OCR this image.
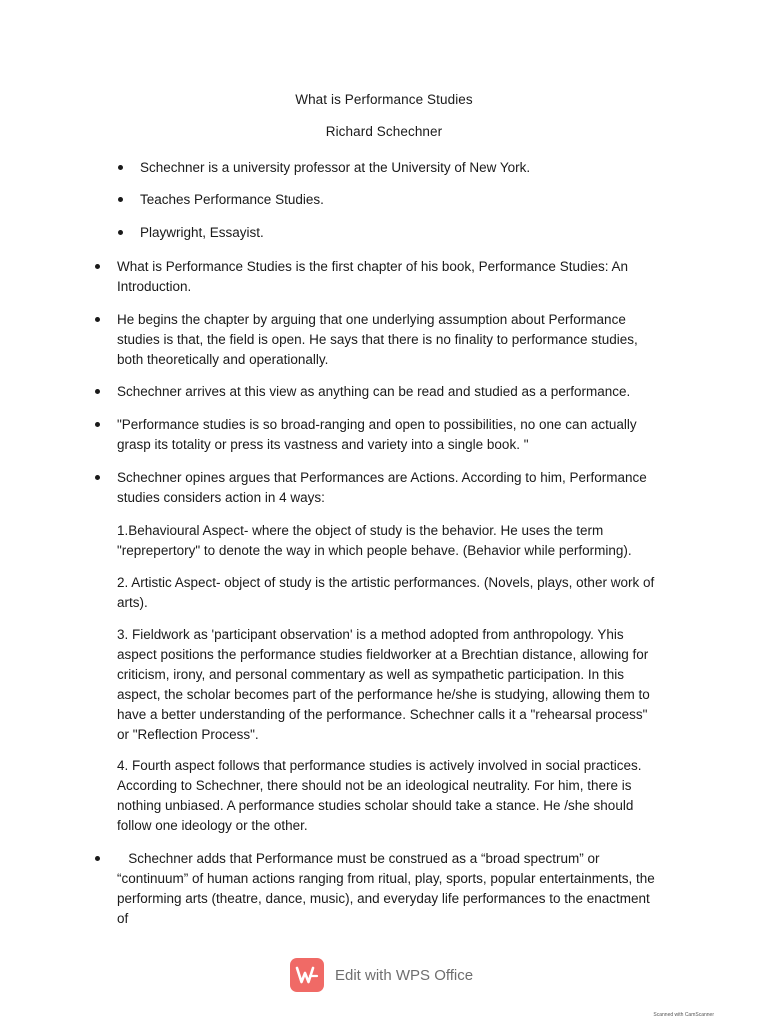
What is Performance Studies
Richard Schechner
Schechner is a university professor at the University of New York.
Teaches Performance Studies.
Playwright, Essayist.
What is Performance Studies is the first chapter of his book, Performance Studies: An Introduction.
He begins the chapter by arguing that one underlying assumption about Performance studies is that, the field is open. He says that there is no finality to performance studies, both theoretically and operationally.
Schechner arrives at this view as anything can be read and studied as a performance.
"Performance studies is so broad-ranging and open to possibilities, no one can actually grasp its totality or press its vastness and variety into a single book. "
Schechner opines argues that Performances are Actions. According to him, Performance studies considers action in 4 ways:
1.Behavioural Aspect- where the object of study is the behavior. He uses the term "reprepertory" to denote the way in which people behave. (Behavior while performing).
2. Artistic Aspect- object of study is the artistic performances. (Novels, plays, other work of arts).
3. Fieldwork as 'participant observation' is a method adopted from anthropology. Yhis aspect positions the performance studies fieldworker at a Brechtian distance, allowing for criticism, irony, and personal commentary as well as sympathetic participation. In this aspect, the scholar becomes part of the performance he/she is studying, allowing them to have a better understanding of the performance. Schechner calls it a "rehearsal process" or "Reflection Process".
4. Fourth aspect follows that performance studies is actively involved in social practices. According to Schechner, there should not be an ideological neutrality. For him, there is nothing unbiased. A performance studies scholar should take a stance. He /she should follow one ideology or the other.
Schechner adds that Performance must be construed as a “broad spectrum” or “continuum” of human actions ranging from ritual, play, sports, popular entertainments, the performing arts (theatre, dance, music), and everyday life performances to the enactment of
Edit with WPS Office
Scanned with CamScanner
